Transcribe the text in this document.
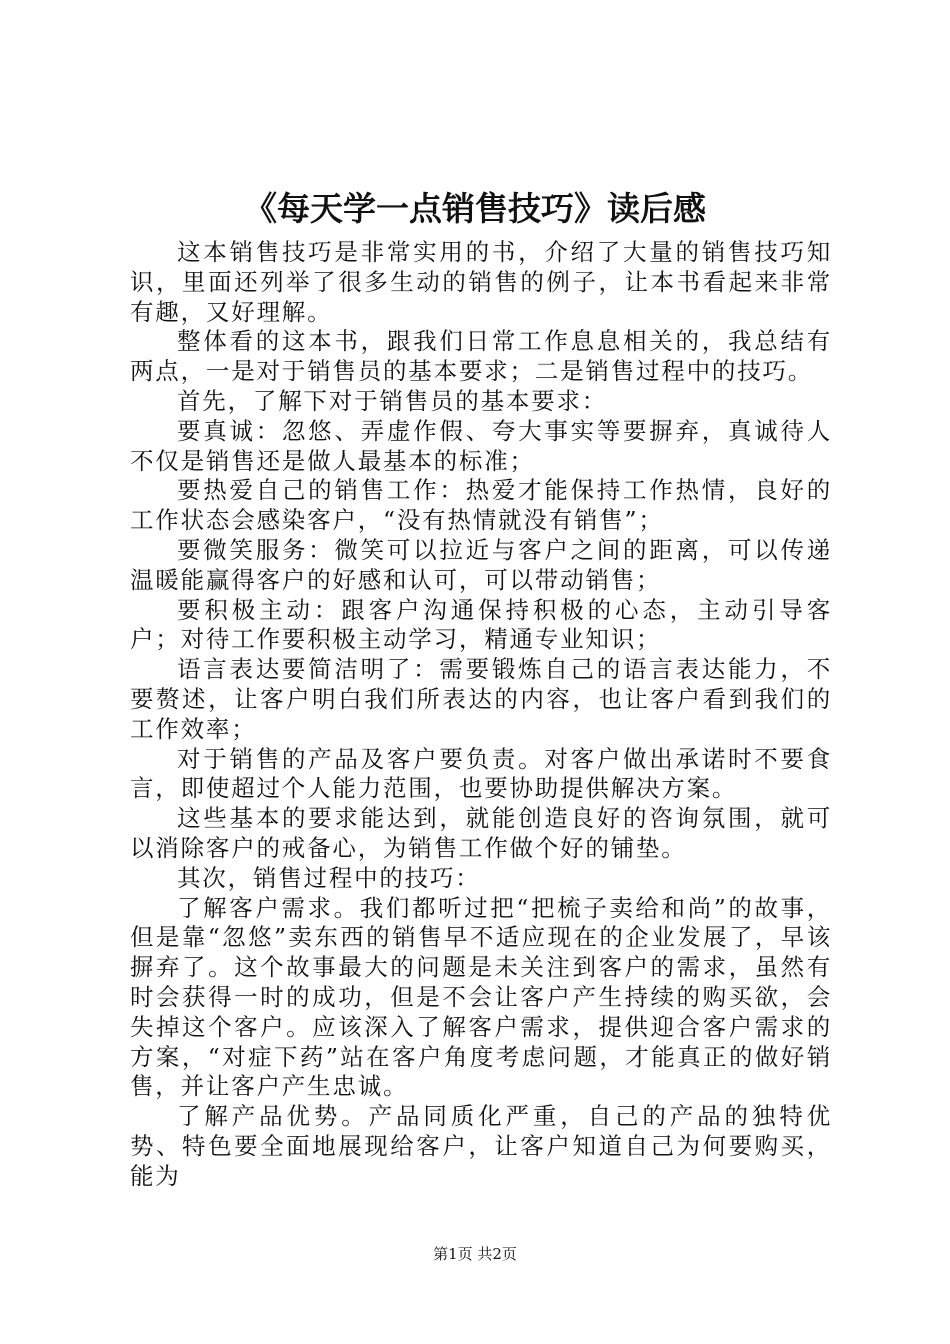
《每天学一点销售技巧》读后感

这本销售技巧是非常实用的书，介绍了大量的销售技巧知识，里面还列举了很多生动的销售的例子，让本书看起来非常有趣，又好理解。

整体看的这本书，跟我们日常工作息息相关的，我总结有两点，一是对于销售员的基本要求；二是销售过程中的技巧。

首先，了解下对于销售员的基本要求：

要真诚：忽悠、弄虚作假、夸大事实等要摒弃，真诚待人不仅是销售还是做人最基本的标准；

要热爱自己的销售工作：热爱才能保持工作热情，良好的工作状态会感染客户，“没有热情就没有销售”；

要微笑服务：微笑可以拉近与客户之间的距离，可以传递温暖能赢得客户的好感和认可，可以带动销售；

要积极主动：跟客户沟通保持积极的心态，主动引导客户；对待工作要积极主动学习，精通专业知识；

语言表达要简洁明了：需要锻炼自己的语言表达能力，不要赘述，让客户明白我们所表达的内容，也让客户看到我们的工作效率；

对于销售的产品及客户要负责。对客户做出承诺时不要食言，即使超过个人能力范围，也要协助提供解决方案。

这些基本的要求能达到，就能创造良好的咨询氛围，就可以消除客户的戒备心，为销售工作做个好的铺垫。

其次，销售过程中的技巧：

了解客户需求。我们都听过把“把梳子卖给和尚”的故事，但是靠“忽悠”卖东西的销售早不适应现在的企业发展了，早该摒弃了。这个故事最大的问题是未关注到客户的需求，虽然有时会获得一时的成功，但是不会让客户产生持续的购买欲，会失掉这个客户。应该深入了解客户需求，提供迎合客户需求的方案，“对症下药”站在客户角度考虑问题，才能真正的做好销售，并让客户产生忠诚。

了解产品优势。产品同质化严重，自己的产品的独特优势、特色要全面地展现给客户，让客户知道自己为何要购买，能为

第1页 共2页
